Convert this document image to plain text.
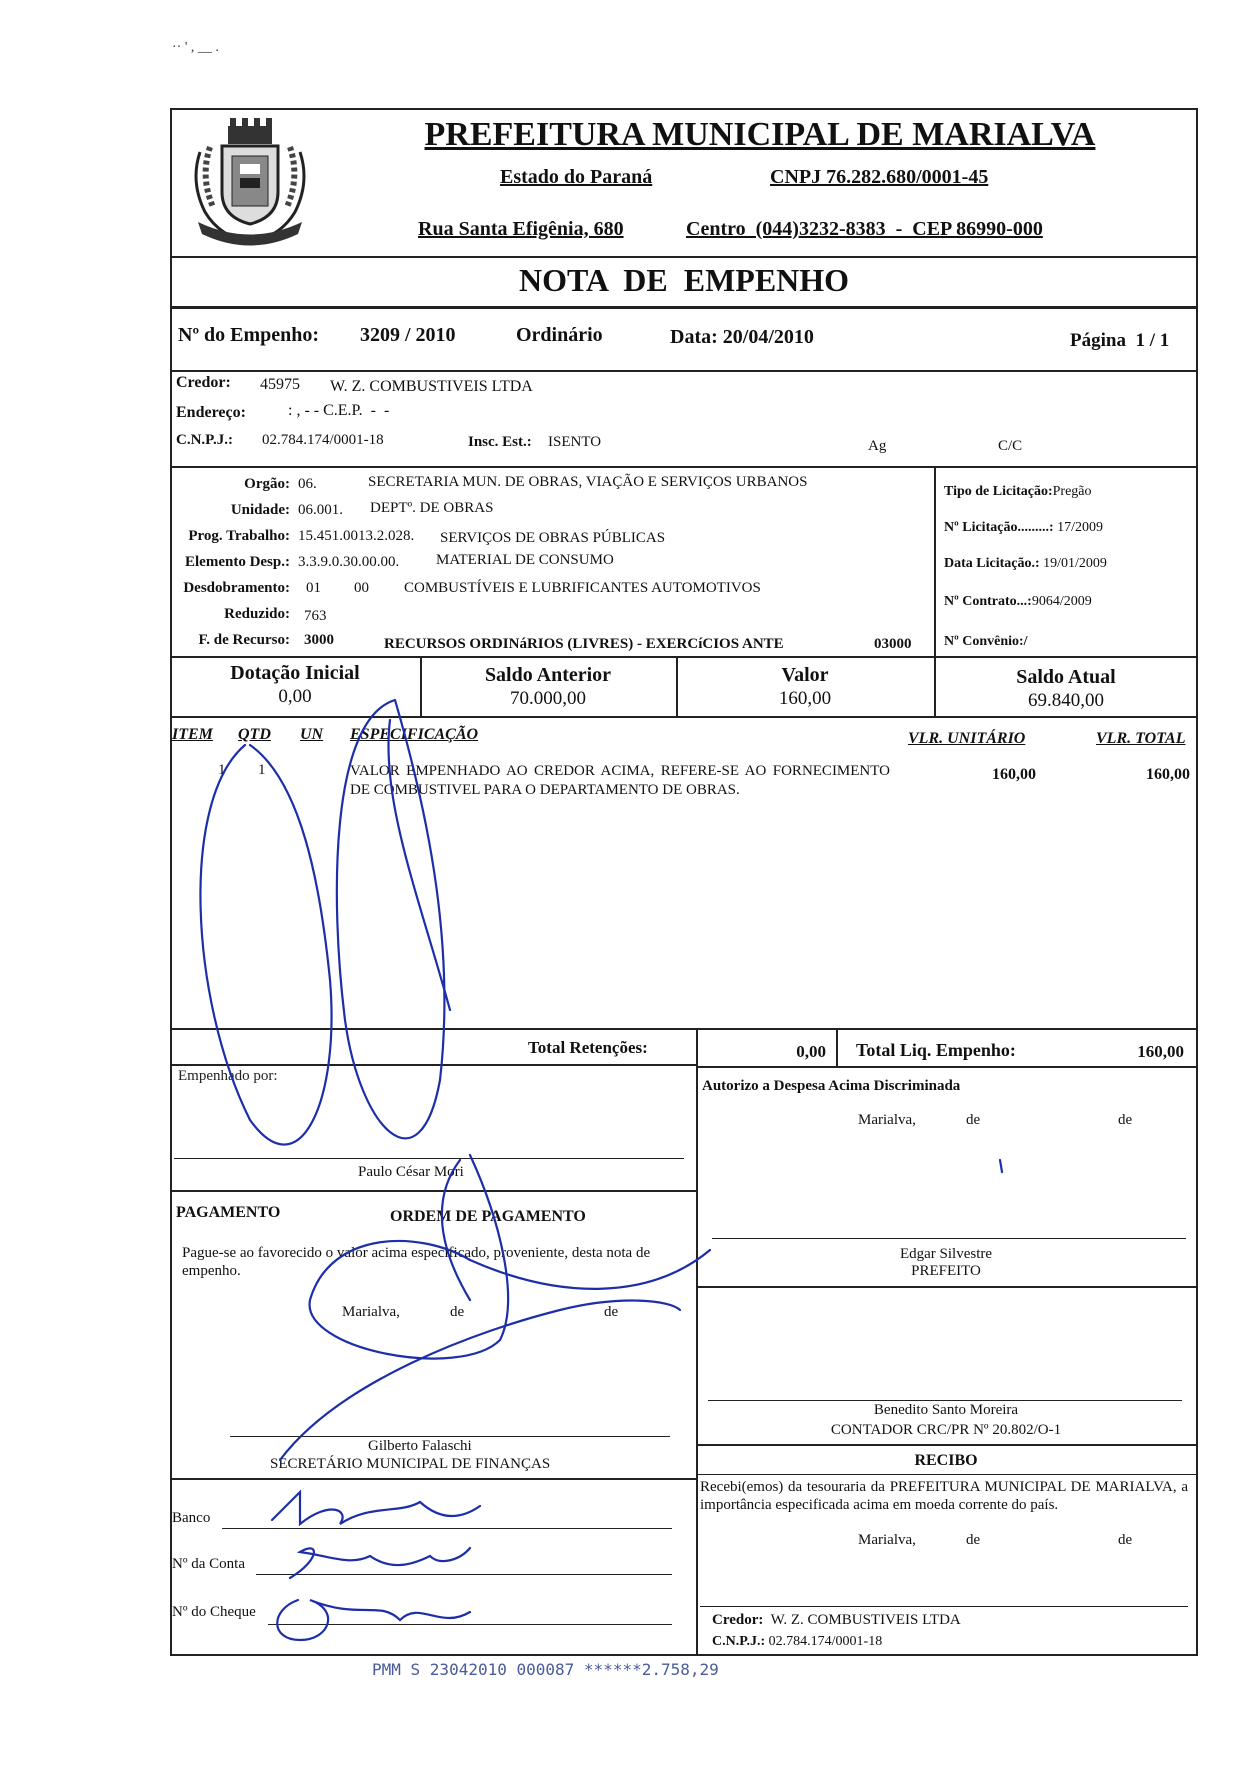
·· ' , __ .
PREFEITURA MUNICIPAL DE MARIALVA
Estado do Paraná	CNPJ 76.282.680/0001-45
Rua Santa Efigênia, 680	Centro  (044)3232-8383  -  CEP 86990-000
NOTA  DE  EMPENHO
Nº do Empenho: 3209 / 2010	Ordinário	Data: 20/04/2010	Página  1 / 1
Credor: 45975 W. Z. COMBUSTIVEIS LTDA
Endereço:	: , - - C.E.P.  -  -
C.N.P.J.: 02.784.174/0001-18	Insc. Est.: ISENTO	Ag	C/C
Orgão: 06.	SECRETARIA MUN. DE OBRAS, VIAÇÃO E SERVIÇOS URBANOS
Unidade: 06.001. DEPTº. DE OBRAS
Prog. Trabalho: 15.451.0013.2.028. SERVIÇOS DE OBRAS PÚBLICAS
Elemento Desp.: 3.3.9.0.30.00.00. MATERIAL DE CONSUMO
Desdobramento: 01 00 COMBUSTÍVEIS E LUBRIFICANTES AUTOMOTIVOS
Reduzido: 763
F. de Recurso: 3000	RECURSOS ORDINáRIOS (LIVRES) - EXERCíCIOS ANTE	03000
Tipo de Licitação:Pregão
Nº Licitação.........: 17/2009
Data Licitação.: 19/01/2009
Nº Contrato...:9064/2009
Nº Convênio:/
Dotação Inicial
0,00
Saldo Anterior
70.000,00
Valor
160,00
Saldo Atual
69.840,00
ITEM QTD UN ESPECIFICAÇÃO	VLR. UNITÁRIO	VLR. TOTAL
1 1	VALOR EMPENHADO AO CREDOR ACIMA, REFERE-SE AO FORNECIMENTO DE COMBUSTIVEL PARA O DEPARTAMENTO DE OBRAS.
160,00	160,00
Total Retenções:	0,00 Total Liq. Empenho:	160,00
Empenhado por:
Paulo César Mori
PAGAMENTO	ORDEM DE PAGAMENTO
Pague-se ao favorecido o valor acima especificado, proveniente, desta nota de empenho.
Marialva,	de	de
Gilberto Falaschi
SECRETÁRIO MUNICIPAL DE FINANÇAS
Banco
Nº da Conta
Nº do Cheque
Autorizo a Despesa Acima Discriminada
Marialva,	de	de
Edgar Silvestre
PREFEITO
Benedito Santo Moreira
CONTADOR CRC/PR Nº 20.802/O-1
RECIBO
Recebi(emos) da tesouraria da PREFEITURA MUNICIPAL DE MARIALVA, a importância especificada acima em moeda corrente do país.
Marialva,	de	de
Credor: W. Z. COMBUSTIVEIS LTDA
C.N.P.J.: 02.784.174/0001-18
PMM S 23042010 000087 ******2.758,29
